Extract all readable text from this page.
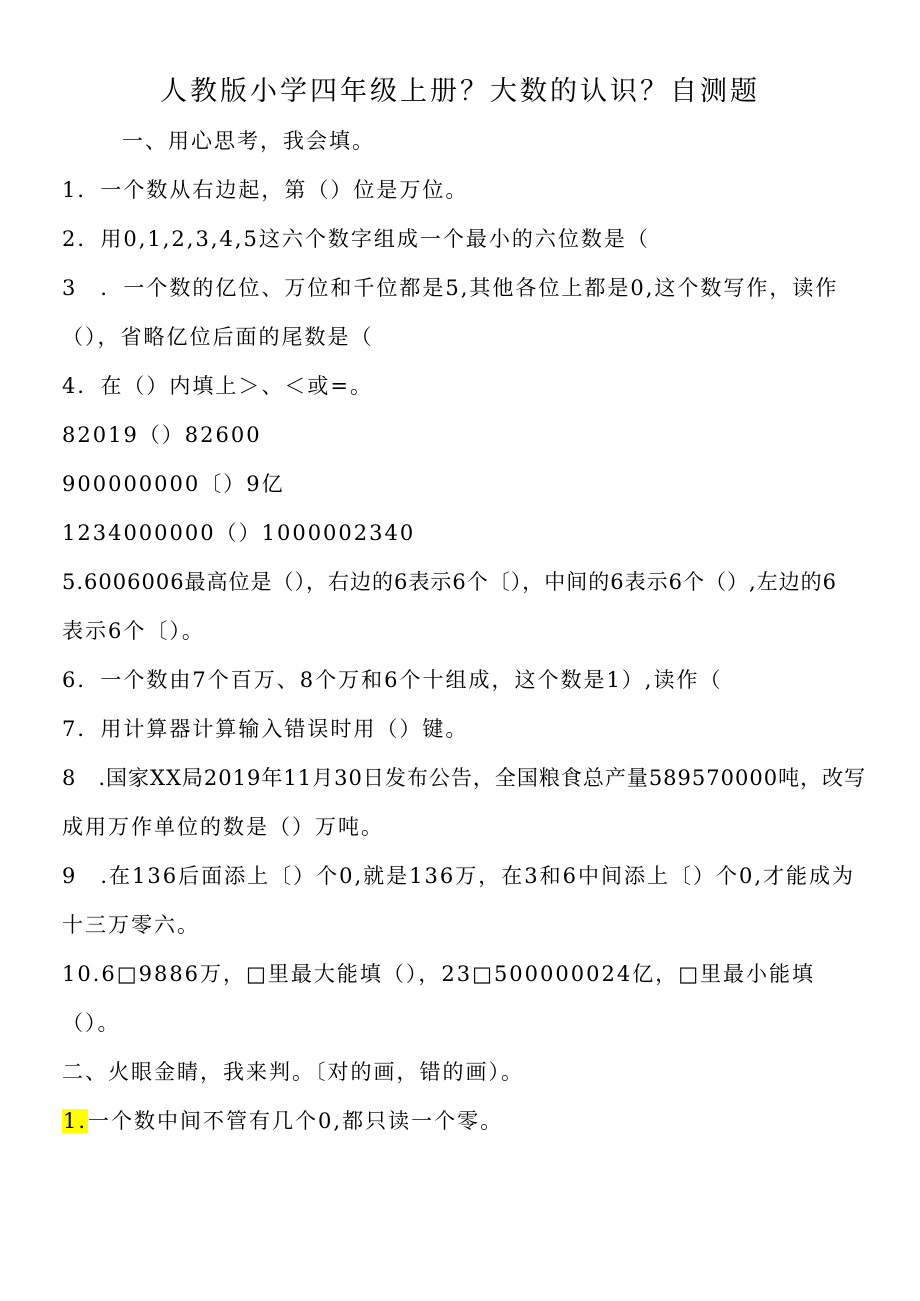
人教版小学四年级上册？大数的认识？自测题
一、用心思考，我会填。
1．一个数从右边起，第（）位是万位。
2．用0,1,2,3,4,5这六个数字组成一个最小的六位数是（
3　．一个数的亿位、万位和千位都是5,其他各位上都是0,这个数写作，读作
（），省略亿位后面的尾数是（
4．在（）内填上＞、＜或=。
82019（）82600
900000000〔）9亿
1234000000（）1000002340
5.6006006最高位是（），右边的6表示6个〔），中间的6表示6个（）,左边的6
表示6个〔）。
6．一个数由7个百万、8个万和6个十组成，这个数是1）,读作（
7．用计算器计算输入错误时用（）键。
8　.国家XX局2019年11月30日发布公告，全国粮食总产量589570000吨，改写
成用万作单位的数是（）万吨。
9　.在136后面添上〔）个0,就是136万，在3和6中间添上〔）个0,才能成为
十三万零六。
10.6□9886万，□里最大能填（），23□500000024亿，□里最小能填
（）。
二、火眼金睛，我来判。〔对的画，错的画）。
1.一个数中间不管有几个0,都只读一个零。
